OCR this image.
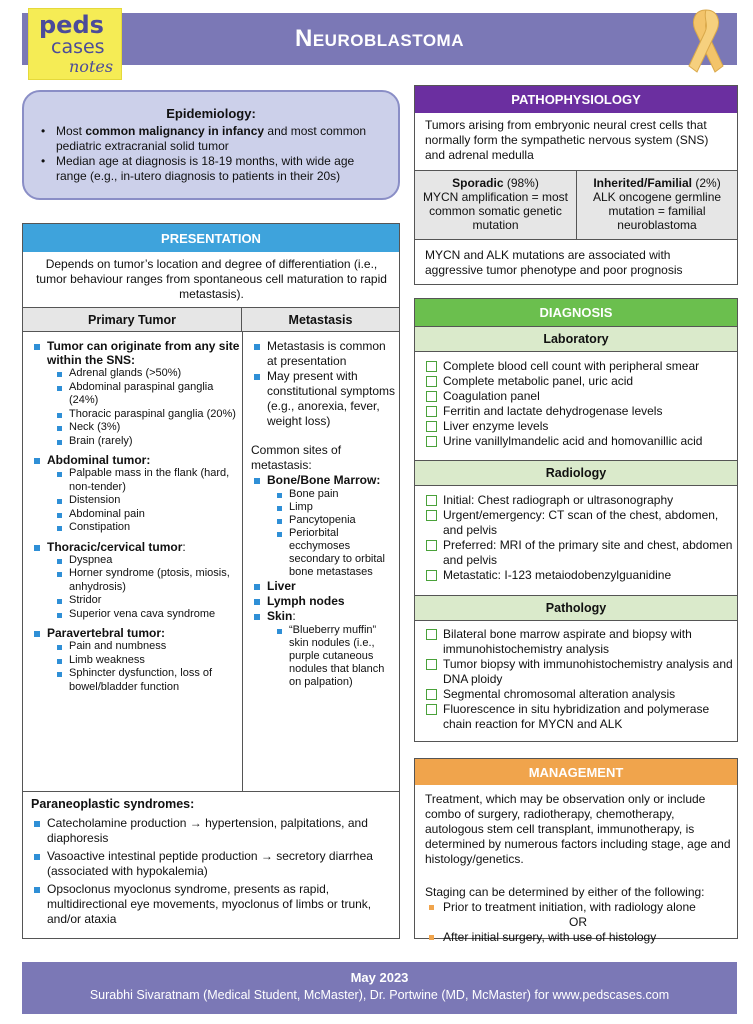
Neuroblastoma
peds
cases
notes
Epidemiology:
• Most common malignancy in infancy and most common pediatric extracranial solid tumor
• Median age at diagnosis is 18-19 months, with wide age range (e.g., in-utero diagnosis to patients in their 20s)
PATHOPHYSIOLOGY
Tumors arising from embryonic neural crest cells that normally form the sympathetic nervous system (SNS) and adrenal medulla
Sporadic (98%)
MYCN amplification = most common somatic genetic mutation
Inherited/Familial (2%)
ALK oncogene germline mutation = familial neuroblastoma
MYCN and ALK mutations are associated with aggressive tumor phenotype and poor prognosis
PRESENTATION
Depends on tumor’s location and degree of differentiation (i.e., tumor behaviour ranges from spontaneous cell maturation to rapid metastasis).
Primary Tumor	Metastasis
Tumor can originate from any site within the SNS:
Adrenal glands (>50%)
Abdominal paraspinal ganglia (24%)
Thoracic paraspinal ganglia (20%)
Neck (3%)
Brain (rarely)
Abdominal tumor:
Palpable mass in the flank (hard, non-tender)
Distension
Abdominal pain
Constipation
Thoracic/cervical tumor:
Dyspnea
Horner syndrome (ptosis, miosis, anhydrosis)
Stridor
Superior vena cava syndrome
Paravertebral tumor:
Pain and numbness
Limb weakness
Sphincter dysfunction, loss of bowel/bladder function
Metastasis is common at presentation
May present with constitutional symptoms (e.g., anorexia, fever, weight loss)
Common sites of metastasis:
Bone/Bone Marrow:
Bone pain
Limp
Pancytopenia
Periorbital ecchymoses secondary to orbital bone metastases
Liver
Lymph nodes
Skin:
“Blueberry muffin” skin nodules (i.e., purple cutaneous nodules that blanch on palpation)
Paraneoplastic syndromes:
Catecholamine production → hypertension, palpitations, and diaphoresis
Vasoactive intestinal peptide production → secretory diarrhea (associated with hypokalemia)
Opsoclonus myoclonus syndrome, presents as rapid, multidirectional eye movements, myoclonus of limbs or trunk, and/or ataxia
DIAGNOSIS
Laboratory
Complete blood cell count with peripheral smear
Complete metabolic panel, uric acid
Coagulation panel
Ferritin and lactate dehydrogenase levels
Liver enzyme levels
Urine vanillylmandelic acid and homovanillic acid
Radiology
Initial: Chest radiograph or ultrasonography
Urgent/emergency: CT scan of the chest, abdomen, and pelvis
Preferred: MRI of the primary site and chest, abdomen and pelvis
Metastatic: I-123 metaiodobenzylguanidine
Pathology
Bilateral bone marrow aspirate and biopsy with immunohistochemistry analysis
Tumor biopsy with immunohistochemistry analysis and DNA ploidy
Segmental chromosomal alteration analysis
Fluorescence in situ hybridization and polymerase chain reaction for MYCN and ALK
MANAGEMENT
Treatment, which may be observation only or include combo of surgery, radiotherapy, chemotherapy, autologous stem cell transplant, immunotherapy, is determined by numerous factors including stage, age and histology/genetics.
Staging can be determined by either of the following:
Prior to treatment initiation, with radiology alone
OR
After initial surgery, with use of histology
May 2023
Surabhi Sivaratnam (Medical Student, McMaster), Dr. Portwine (MD, McMaster) for www.pedscases.com
